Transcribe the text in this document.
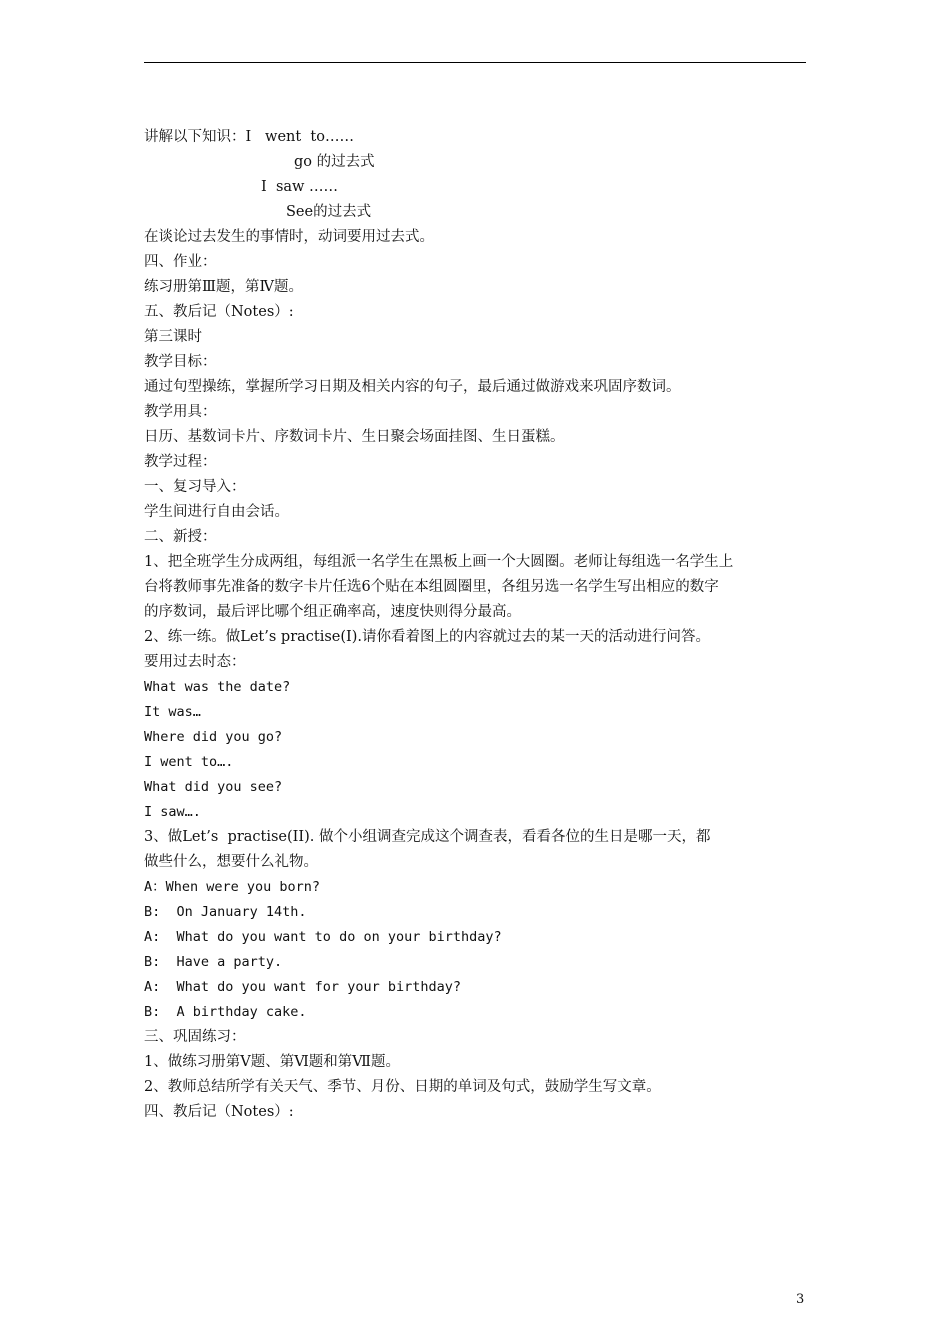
讲解以下知识：I   went  to……
go 的过去式
I  saw ……
See的过去式
在谈论过去发生的事情时，动词要用过去式。
四、作业：
练习册第Ⅲ题，第Ⅳ题。
五、教后记（Notes）:
第三课时
教学目标：
通过句型操练，掌握所学习日期及相关内容的句子，最后通过做游戏来巩固序数词。
教学用具：
日历、基数词卡片、序数词卡片、生日聚会场面挂图、生日蛋糕。
教学过程：
一、复习导入：
学生间进行自由会话。
二、新授：
1、把全班学生分成两组，每组派一名学生在黑板上画一个大圆圈。老师让每组选一名学生上
台将教师事先准备的数字卡片任选6个贴在本组圆圈里，各组另选一名学生写出相应的数字
的序数词，最后评比哪个组正确率高，速度快则得分最高。
2、练一练。做Let’s practise(I).请你看着图上的内容就过去的某一天的活动进行问答。
要用过去时态：
What was the date?
It was…
Where did you go?
I went to….
What did you see?
I saw….
3、做Let’s  practise(II). 做个小组调查完成这个调查表，看看各位的生日是哪一天，都
做些什么，想要什么礼物。
A：When were you born?
B:  On January 14th.
A:  What do you want to do on your birthday?
B:  Have a party.
A:  What do you want for your birthday?
B:  A birthday cake.
三、巩固练习：
1、做练习册第Ⅴ题、第Ⅵ题和第Ⅶ题。
2、教师总结所学有关天气、季节、月份、日期的单词及句式，鼓励学生写文章。
四、教后记（Notes）:
3
